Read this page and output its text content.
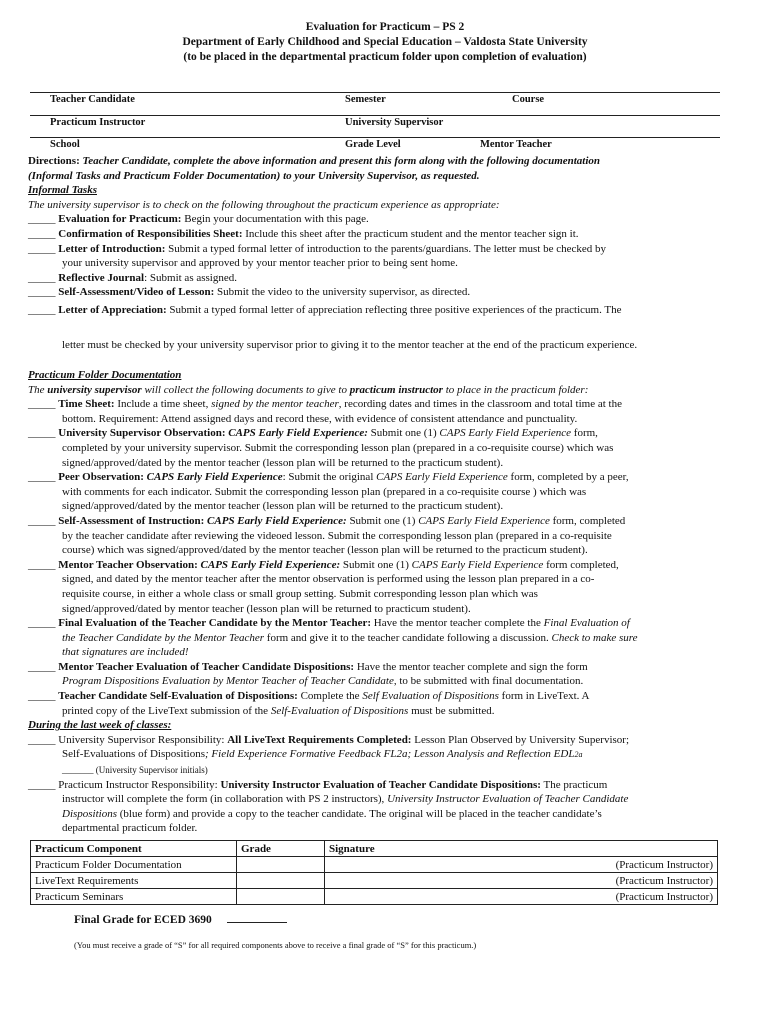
Evaluation for Practicum – PS 2
Department of Early Childhood and Special Education – Valdosta State University
(to be placed in the departmental practicum folder upon completion of evaluation)
Teacher Candidate	Semester	Course
Practicum Instructor	University Supervisor
School	Grade Level	Mentor Teacher
Directions: Teacher Candidate, complete the above information and present this form along with the following documentation
(Informal Tasks and Practicum Folder Documentation) to your University Supervisor, as requested.
Informal Tasks
The university supervisor is to check on the following throughout the practicum experience as appropriate:
_____ Evaluation for Practicum: Begin your documentation with this page.
_____ Confirmation of Responsibilities Sheet: Include this sheet after the practicum student and the mentor teacher sign it.
_____ Letter of Introduction: Submit a typed formal letter of introduction to the parents/guardians. The letter must be checked by
your university supervisor and approved by your mentor teacher prior to being sent home.
_____ Reflective Journal: Submit as assigned.
_____ Self-Assessment/Video of Lesson: Submit the video to the university supervisor, as directed.
_____ Letter of Appreciation: Submit a typed formal letter of appreciation reflecting three positive experiences of the practicum. The
letter must be checked by your university supervisor prior to giving it to the mentor teacher at the end of the practicum experience.
Practicum Folder Documentation
The university supervisor will collect the following documents to give to practicum instructor to place in the practicum folder:
_____ Time Sheet: Include a time sheet, signed by the mentor teacher, recording dates and times in the classroom and total time at the
bottom. Requirement: Attend assigned days and record these, with evidence of consistent attendance and punctuality.
_____ University Supervisor Observation: CAPS Early Field Experience: Submit one (1) CAPS Early Field Experience form,
completed by your university supervisor. Submit the corresponding lesson plan (prepared in a co-requisite course) which was
signed/approved/dated by the mentor teacher (lesson plan will be returned to the practicum student).
_____ Peer Observation: CAPS Early Field Experience: Submit the original CAPS Early Field Experience form, completed by a peer,
with comments for each indicator. Submit the corresponding lesson plan (prepared in a co-requisite course ) which was
signed/approved/dated by the mentor teacher (lesson plan will be returned to the practicum student).
_____ Self-Assessment of Instruction: CAPS Early Field Experience: Submit one (1) CAPS Early Field Experience form, completed
by the teacher candidate after reviewing the videoed lesson. Submit the corresponding lesson plan (prepared in a co-requisite
course) which was signed/approved/dated by the mentor teacher (lesson plan will be returned to the practicum student).
_____ Mentor Teacher Observation: CAPS Early Field Experience: Submit one (1) CAPS Early Field Experience form completed,
signed, and dated by the mentor teacher after the mentor observation is performed using the lesson plan prepared in a co-
requisite course, in either a whole class or small group setting. Submit corresponding lesson plan which was
signed/approved/dated by mentor teacher (lesson plan will be returned to practicum student).
_____ Final Evaluation of the Teacher Candidate by the Mentor Teacher: Have the mentor teacher complete the Final Evaluation of
the Teacher Candidate by the Mentor Teacher form and give it to the teacher candidate following a discussion. Check to make sure
that signatures are included!
_____ Mentor Teacher Evaluation of Teacher Candidate Dispositions: Have the mentor teacher complete and sign the form
Program Dispositions Evaluation by Mentor Teacher of Teacher Candidate, to be submitted with final documentation.
_____ Teacher Candidate Self-Evaluation of Dispositions: Complete the Self Evaluation of Dispositions form in LiveText. A
printed copy of the LiveText submission of the Self-Evaluation of Dispositions must be submitted.
During the last week of classes:
_____ University Supervisor Responsibility: All LiveText Requirements Completed: Lesson Plan Observed by University Supervisor;
Self-Evaluations of Dispositions; Field Experience Formative Feedback FL2a; Lesson Analysis and Reflection EDL2a
_______ (University Supervisor initials)
_____ Practicum Instructor Responsibility: University Instructor Evaluation of Teacher Candidate Dispositions: The practicum
instructor will complete the form (in collaboration with PS 2 instructors), University Instructor Evaluation of Teacher Candidate
Dispositions (blue form) and provide a copy to the teacher candidate. The original will be placed in the teacher candidate’s
departmental practicum folder.
Practicum Component	Grade	Signature
Practicum Folder Documentation		(Practicum Instructor)
LiveText Requirements		(Practicum Instructor)
Practicum Seminars		(Practicum Instructor)
Final Grade for ECED 3690
(You must receive a grade of “S” for all required components above to receive a final grade of “S” for this practicum.)
